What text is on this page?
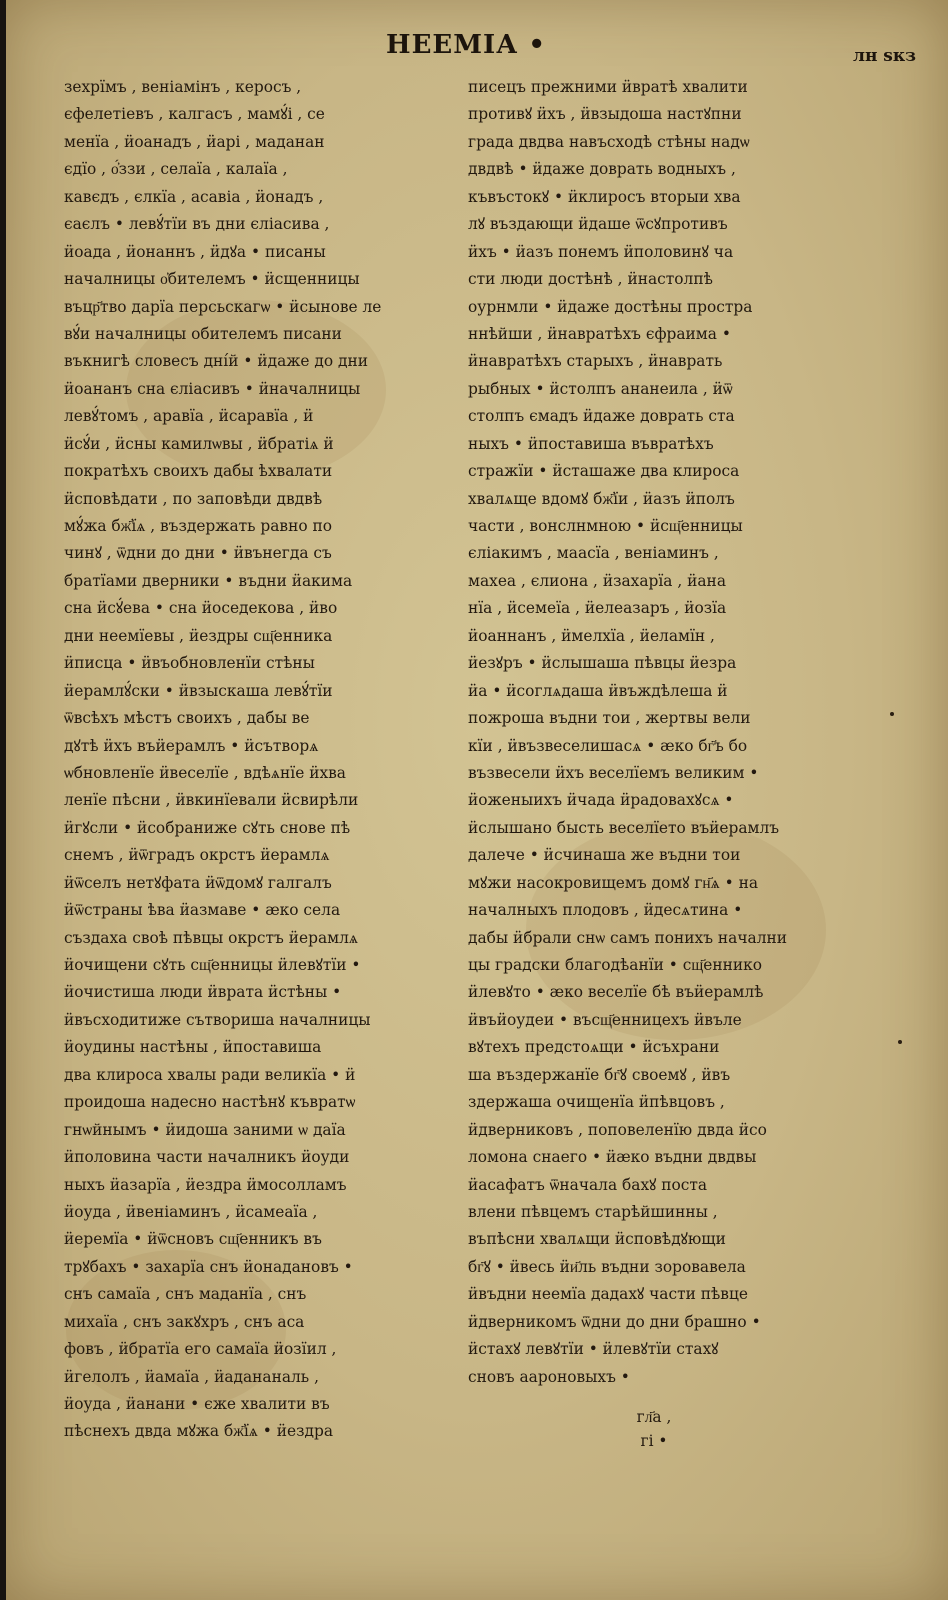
НЕЕМІА •	лн ѕкз
зехрїмъ , веніамінъ , керосъ ,
єфелетіевъ , калгасъ , мамꙋ́і , се
менїа , ӥоанадъ , ӥарі , маданан
єдїо , о҆́ззи , селаїа , калаїа ,
кавєдъ , єлкїа , асавіа , ӥонадъ ,
єаєлъ • левꙋ́тїи въ дни єліасива ,
ӥоада , ӥонаннъ , ӥдꙋа • писаны
началницы о҆бителемъ • ӥсщенницы
въцр҃тво дарїа персьскагѡ • ӥсынове ле
вꙋ́и началницы обителемъ писани
въкнигѣ словесъ дні́й • ӥдаже до дни
ӥоананъ сна єліасивъ • ӥначалницы
левꙋ́томъ , аравїа , ӥсаравїа , ӥ
ӥсꙋ́и , ӥсны камилѡвы , ӥбратіѧ ӥ
пократѣхъ своихъ дабы ѣхвалати
ӥсповѣдати , по заповѣди двдвѣ
мꙋ́жа бж҃їѧ , въздержать равно по
чинꙋ , ѿдни до дни • ӥвънегда съ
братїами дверники • въдни ӥакима
сна ӥсꙋ́ева • сна ӥоседекова , ӥво
дни неемїевы , ӥездры сщ҃енника
ӥписца • ӥвъобновленїи стѣны
ӥерамлꙋ́ски • ӥвзыскаша левꙋ́тїи
ѿвсѣхъ мѣстъ своихъ , дабы ве
дꙋтѣ ӥхъ въӥерамлъ • ӥсътворѧ
ѡбновленїе ӥвеселїе , вдѣѧнїе ӥхва
ленїе пѣсни , ӥвкинїевали ӥсвирѣли
ӥгꙋсли • ӥсобраниже сꙋть снове пѣ
снемъ , ӥѿградъ окрстъ ӥерамлѧ
ӥѿселъ нетꙋфата ӥѿдомꙋ галгалъ
ӥѿстраны ѣва ӥазмаве • ӕко села
създаха своѣ пѣвцы окрстъ ӥерамлѧ
ӥочищени сꙋть сщ҃енницы ӥлевꙋтїи •
ӥочистиша люди ӥврата ӥстѣны •
ӥвъсходитиже сътвориша началницы
ӥоудины настѣны , ӥпоставиша
два клироса хвалы ради великїа • ӥ
проидоша надесно настѣнꙋ къвратѡ
гнѡйнымъ • ӥидоша заними ѡ даїа
ӥполовина части началникъ ӥоуди
ныхъ ӥазарїа , ӥездра ӥмосолламъ
ӥоуда , ӥвеніаминъ , ӥсамеаїа ,
ӥеремїа • ӥѿсновъ сщ҃енникъ въ
трꙋбахъ • захарїа снъ ӥонадановъ •
снъ самаїа , снъ маданїа , снъ
михаїа , снъ закꙋхръ , снъ аса
фовъ , ӥбратїа его самаїа ӥозїил ,
ӥгелолъ , ӥамаїа , ӥадананаль ,
ӥоуда , ӥанани • єже хвалити въ
пѣснехъ двда мꙋжа бж҃їѧ • ӥездра
писецъ прежними ӥвратѣ хвалити
противꙋ ӥхъ , ӥвзыдоша настꙋпни
града двдва навъсходѣ стѣны надѡ
двдвѣ • ӥдаже доврать водныхъ ,
къвъстокꙋ • ӥклиросъ вторыи хва
лꙋ въздающи ӥдаше ѿсꙋпротивъ
ӥхъ • ӥазъ понемъ ӥполовинꙋ ча
сти люди достѣнѣ , ӥнастолпѣ
оурнмли • ӥдаже достѣны простра
ннѣйши , ӥнавратѣхъ єфраима •
ӥнавратѣхъ старыхъ , ӥнаврать
рыбных • ӥстолпъ ананеила , ӥѿ
столпъ ємадъ ӥдаже доврать ста
ныхъ • ӥпоставиша въвратѣхъ
стражїи • ӥсташаже два клироса
хвалѧще вдомꙋ бж҃їи , ӥазъ ӥполъ
части , вонслнмною • ӥсщ҃енницы
єліакимъ , маасїа , веніаминъ ,
махеа , єлиона , ӥзахарїа , ӥана
нїа , ӥсемеїа , ӥелеазаръ , ӥозїа
ӥоаннанъ , ӥмелхїа , ӥеламїн ,
ӥезꙋръ • ӥслышаша пѣвцы ӥезра
ӥа • ӥсоглѧдаша ӥвъждѣлеша ӥ
пожроша въдни тои , жертвы вели
кїи , ӥвъзвеселишасѧ • ӕко бг҃ъ бо
възвесели ӥхъ веселїемъ великим •
ӥоженыихъ ӥчада ӥрадовахꙋсѧ •
ӥслышано бысть веселїето въӥерамлъ
далече • ӥсчинаша же въдни тои
мꙋжи насокровищемъ домꙋ гн҃ѧ • на
началныхъ плодовъ , ӥдесѧтина •
дабы ӥбрали снѡ самъ понихъ начални
цы градски благодѣанїи • сщ҃еннико
ӥлевꙋто • ӕко веселїе бѣ въӥерамлѣ
ӥвъӥоудеи • въсщ҃енницехъ ӥвъле
вꙋтехъ предстоѧщи • ӥсъхрани
ша въздержанїе бг҃ꙋ своемꙋ , ӥвъ
здержаша очищенїа ӥпѣвцовъ ,
ӥдверниковъ , поповеленїю двда ӥсо
ломона снаего • ӥӕко въдни двдвы
ӥасафатъ ѿначала бахꙋ поста
влени пѣвцемъ старѣйшинны ,
въпѣсни хвалѧщи ӥсповѣдꙋющи
бг҃ꙋ • ӥвесь ӥи҃ль въдни зоровавела
ӥвъдни неемїа дадахꙋ части пѣвце
ӥдверникомъ ѿдни до дни брашно •
ӥстахꙋ левꙋтїи • ӥлевꙋтїи стахꙋ
сновъ аароновыхъ •
гл҃а ,
гі •
